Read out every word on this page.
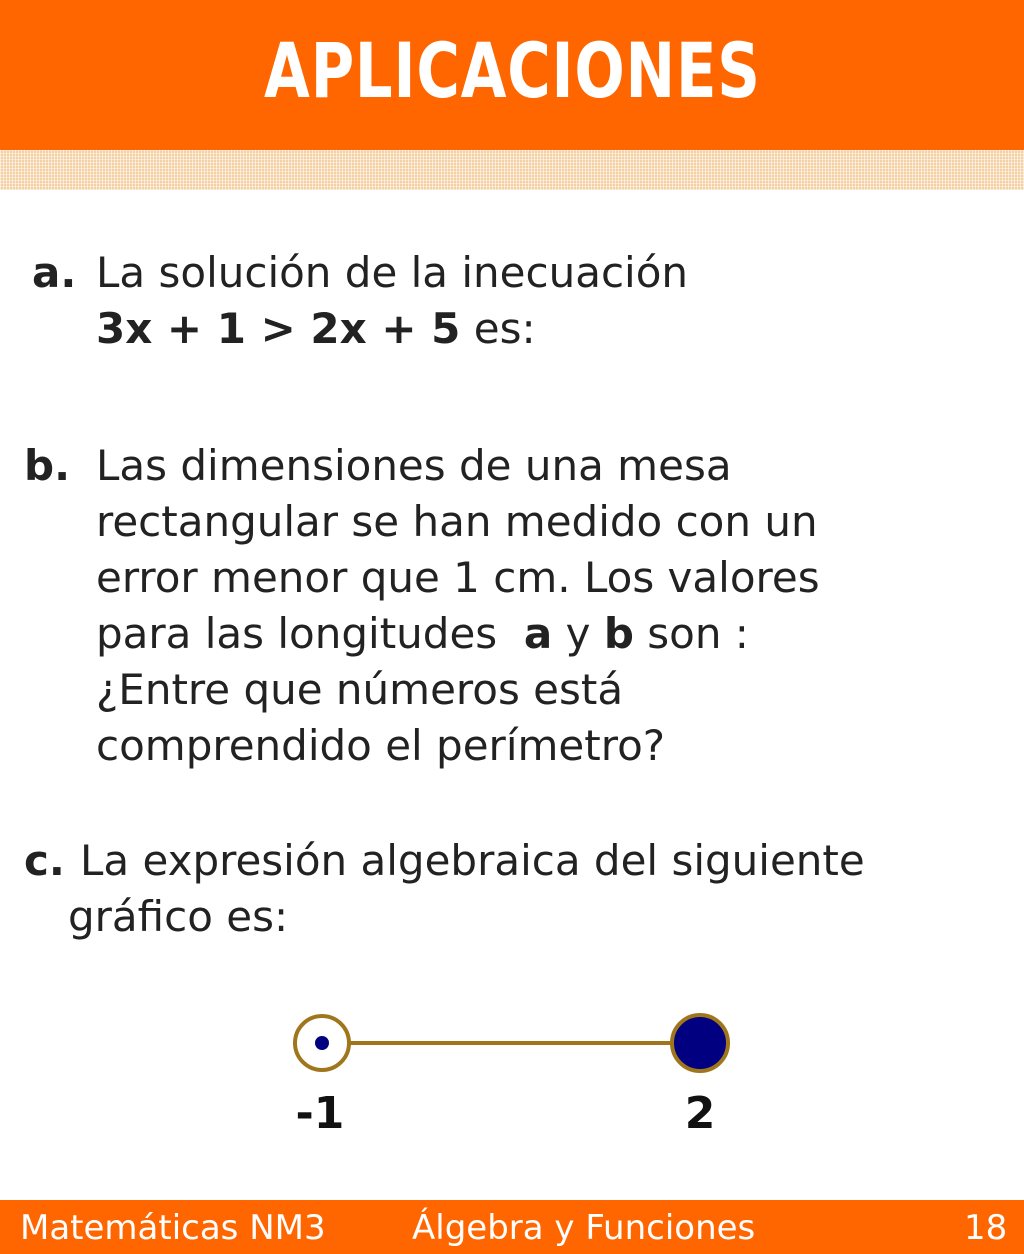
APLICACIONES
a. La solución de la inecuación
3x + 1 > 2x + 5 es:
b. Las dimensiones de una mesa
rectangular se han medido con un
error menor que 1 cm. Los valores
para las longitudes a y b son :
¿Entre que números está
comprendido el perímetro?
c. La expresión algebraica del siguiente
gráfico es:
-1	2
Matemáticas NM3	Álgebra y Funciones	18
